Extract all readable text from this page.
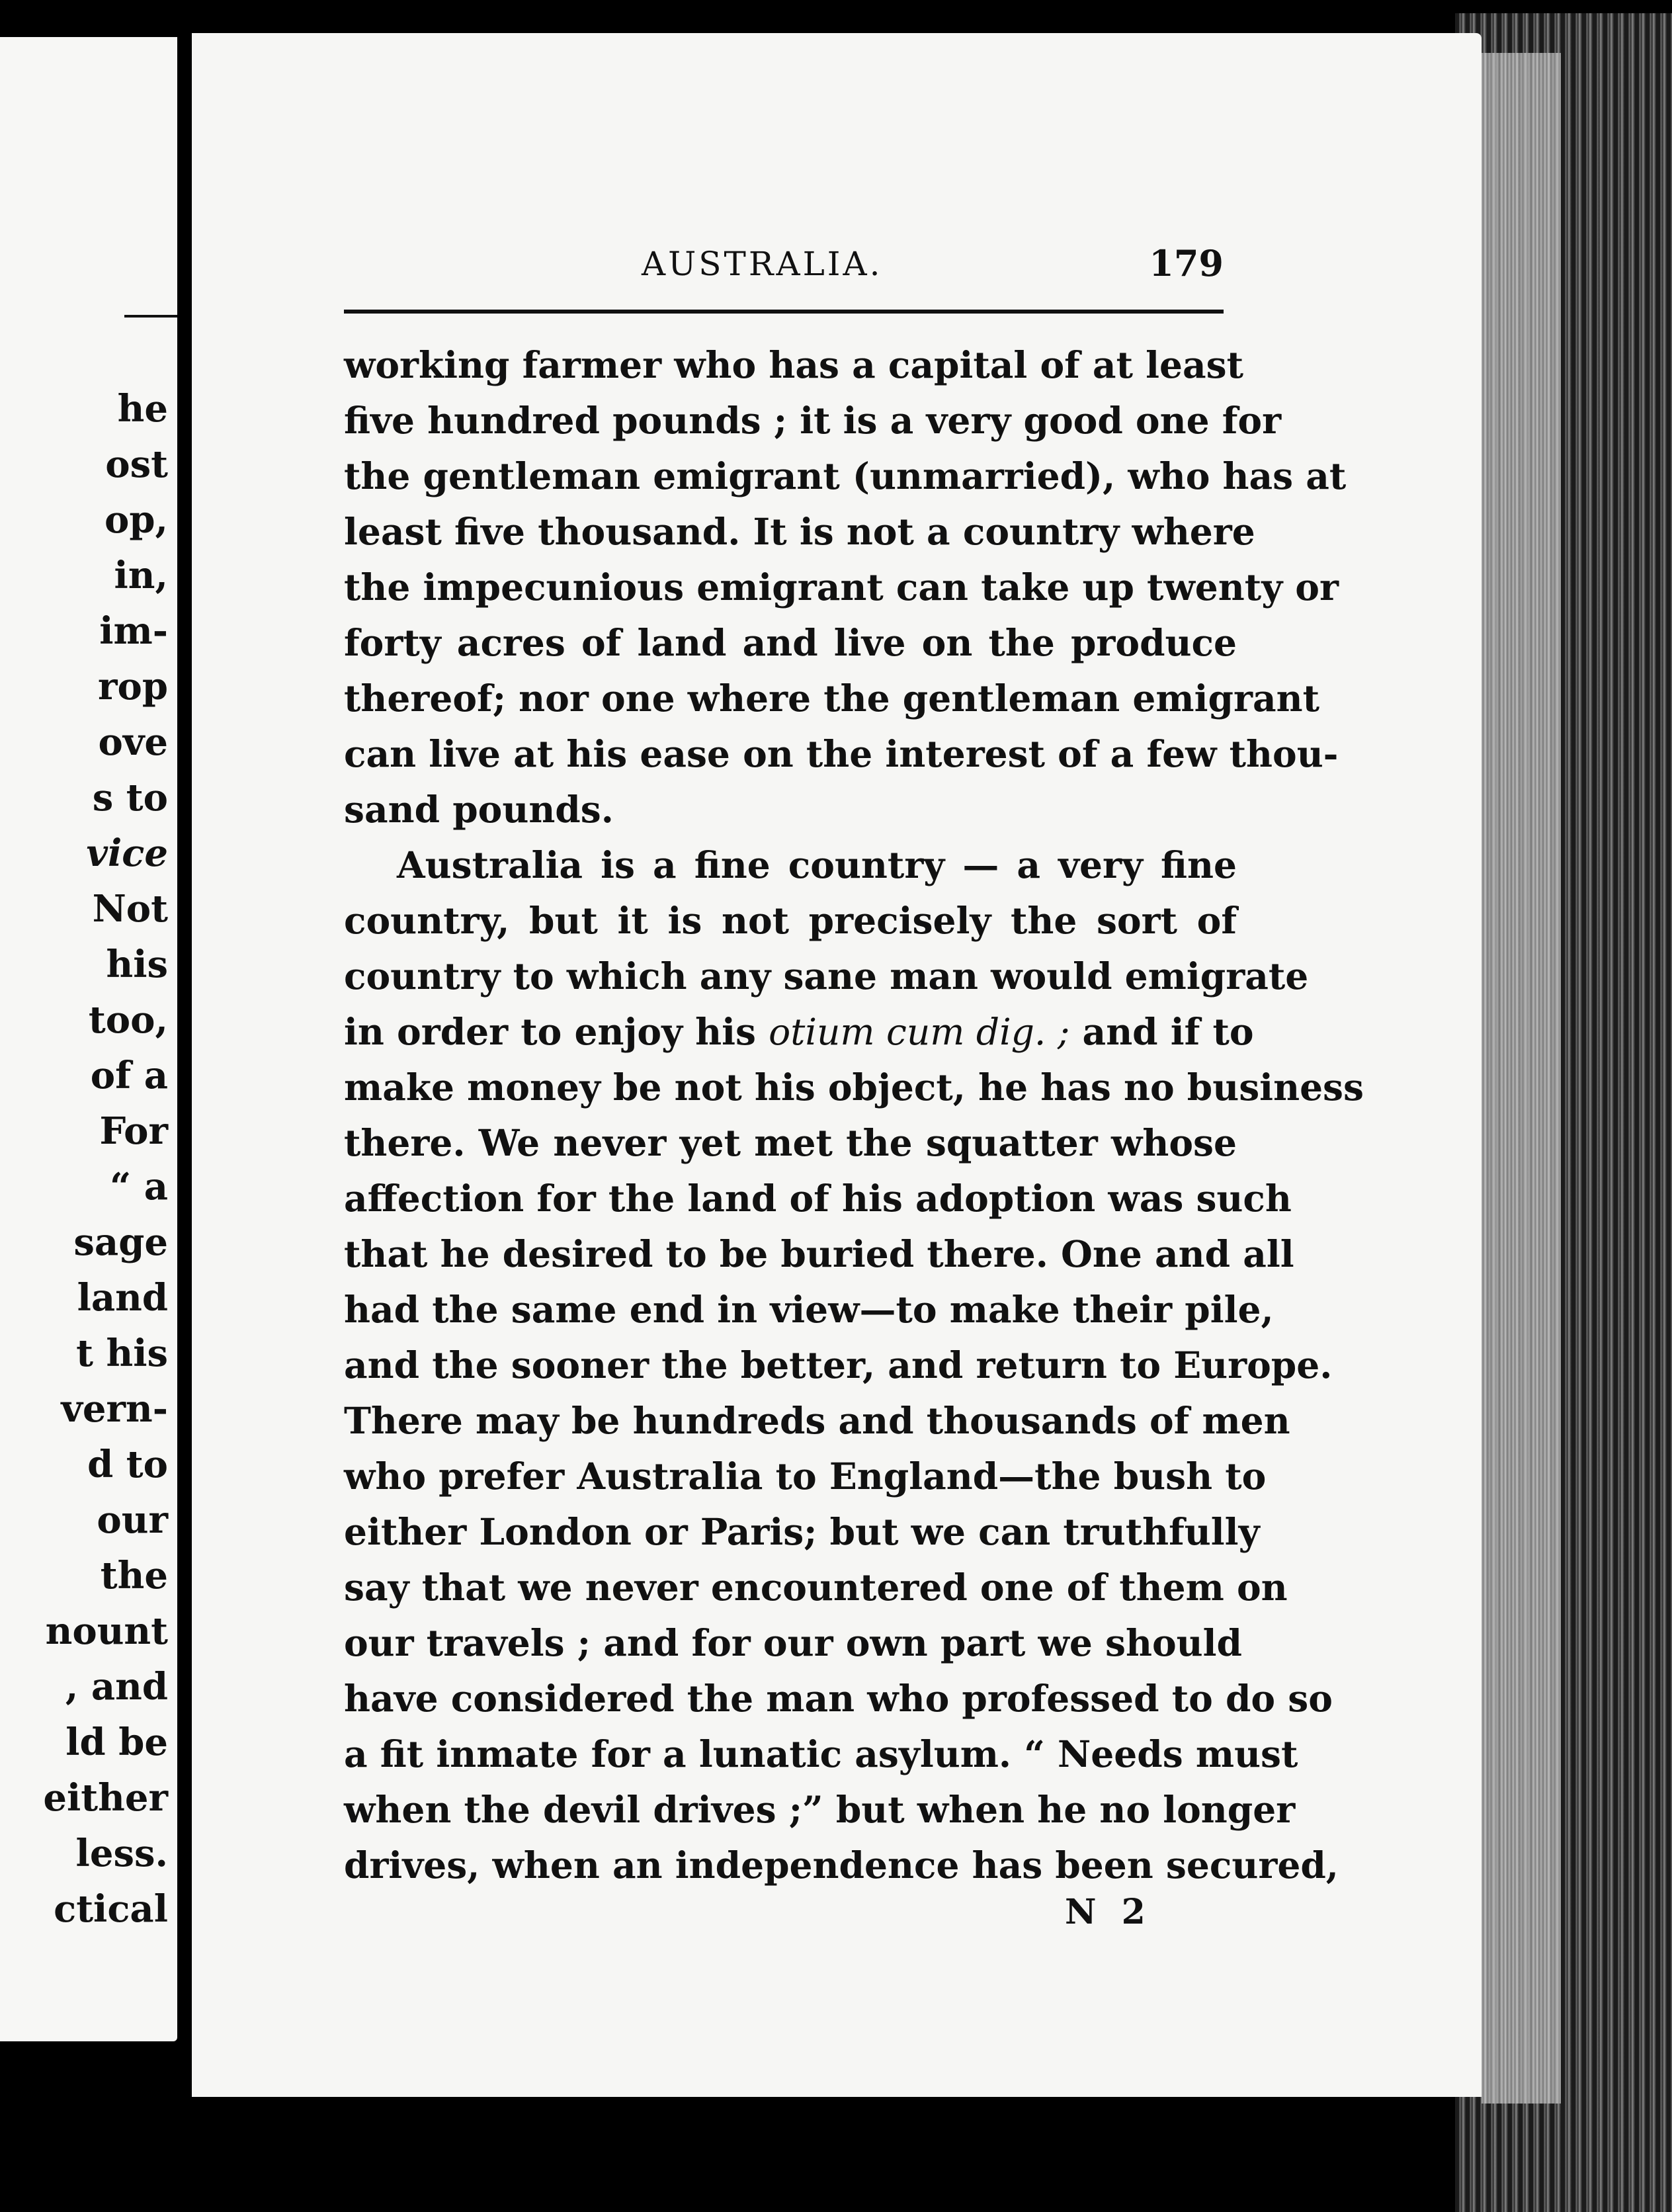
he
ost
op,
in,
im-
rop
ove
s to
vice
Not
his
too,
of a
For
“ a
sage
land
t his
vern-
d to
our
the
nount
, and
ld be
either
less.
ctical
AUSTRALIA.	179
working farmer who has a capital of at least
five hundred pounds ; it is a very good one for
the gentleman emigrant (unmarried), who has at
least five thousand. It is not a country where
the impecunious emigrant can take up twenty or
forty acres of land and live on the produce
thereof; nor one where the gentleman emigrant
can live at his ease on the interest of a few thou-
sand pounds.
Australia is a fine country — a very fine
country, but it is not precisely the sort of
country to which any sane man would emigrate
in order to enjoy his otium cum dig. ; and if to
make money be not his object, he has no business
there. We never yet met the squatter whose
affection for the land of his adoption was such
that he desired to be buried there. One and all
had the same end in view—to make their pile,
and the sooner the better, and return to Europe.
There may be hundreds and thousands of men
who prefer Australia to England—the bush to
either London or Paris; but we can truthfully
say that we never encountered one of them on
our travels ; and for our own part we should
have considered the man who professed to do so
a fit inmate for a lunatic asylum. “ Needs must
when the devil drives ;” but when he no longer
drives, when an independence has been secured,
N 2
